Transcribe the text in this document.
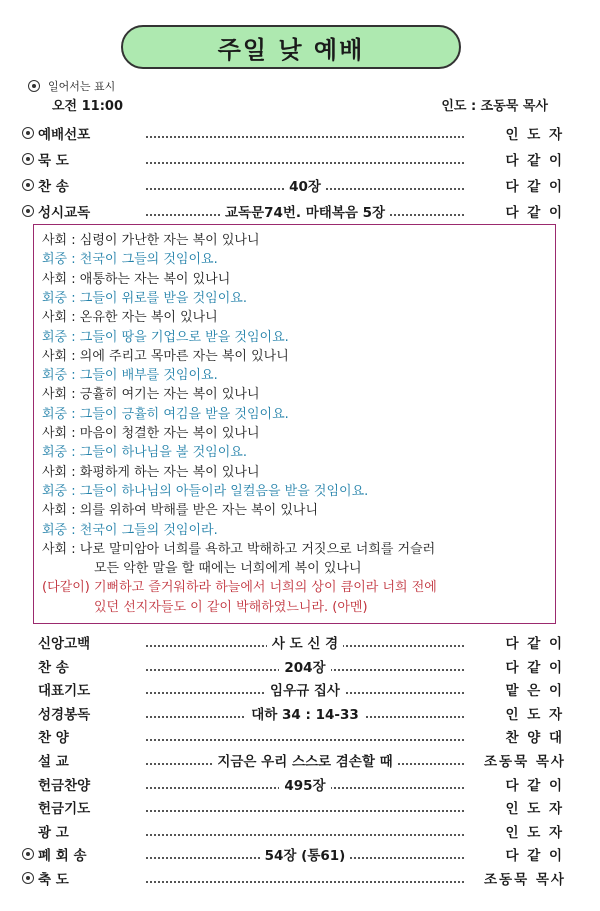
주일 낮 예배
일어서는 표시
오전 11:00	인도 : 조동묵 목사
예배선포	인 도 자
묵 도	다 같 이
찬 송	40장	다 같 이
성시교독	교독문74번. 마태복음 5장	다 같 이
사회 : 심령이 가난한 자는 복이 있나니
회중 : 천국이 그들의 것임이요.
사회 : 애통하는 자는 복이 있나니
회중 : 그들이 위로를 받을 것임이요.
사회 : 온유한 자는 복이 있나니
회중 : 그들이 땅을 기업으로 받을 것임이요.
사회 : 의에 주리고 목마른 자는 복이 있나니
회중 : 그들이 배부를 것임이요.
사회 : 긍휼히 여기는 자는 복이 있나니
회중 : 그들이 긍휼히 여김을 받을 것임이요.
사회 : 마음이 청결한 자는 복이 있나니
회중 : 그들이 하나님을 볼 것임이요.
사회 : 화평하게 하는 자는 복이 있나니
회중 : 그들이 하나님의 아들이라 일컬음을 받을 것임이요.
사회 : 의를 위하여 박해를 받은 자는 복이 있나니
회중 : 천국이 그들의 것임이라.
사회 : 나로 말미암아 너희를 욕하고 박해하고 거짓으로 너희를 거슬러
모든 악한 말을 할 때에는 너희에게 복이 있나니
(다같이) 기뻐하고 즐거워하라 하늘에서 너희의 상이 큼이라 너희 전에
있던 선지자들도 이 같이 박해하였느니라. (아멘)
신앙고백	사 도 신 경	다 같 이
찬 송	204장	다 같 이
대표기도	임우규 집사	맡 은 이
성경봉독	대하 34 : 14-33	인 도 자
찬 양	찬 양 대
설 교	지금은 우리 스스로 겸손할 때	조동묵 목사
헌금찬양	495장	다 같 이
헌금기도	인 도 자
광 고	인 도 자
폐 회 송	54장 (통61)	다 같 이
축 도	조동묵 목사
